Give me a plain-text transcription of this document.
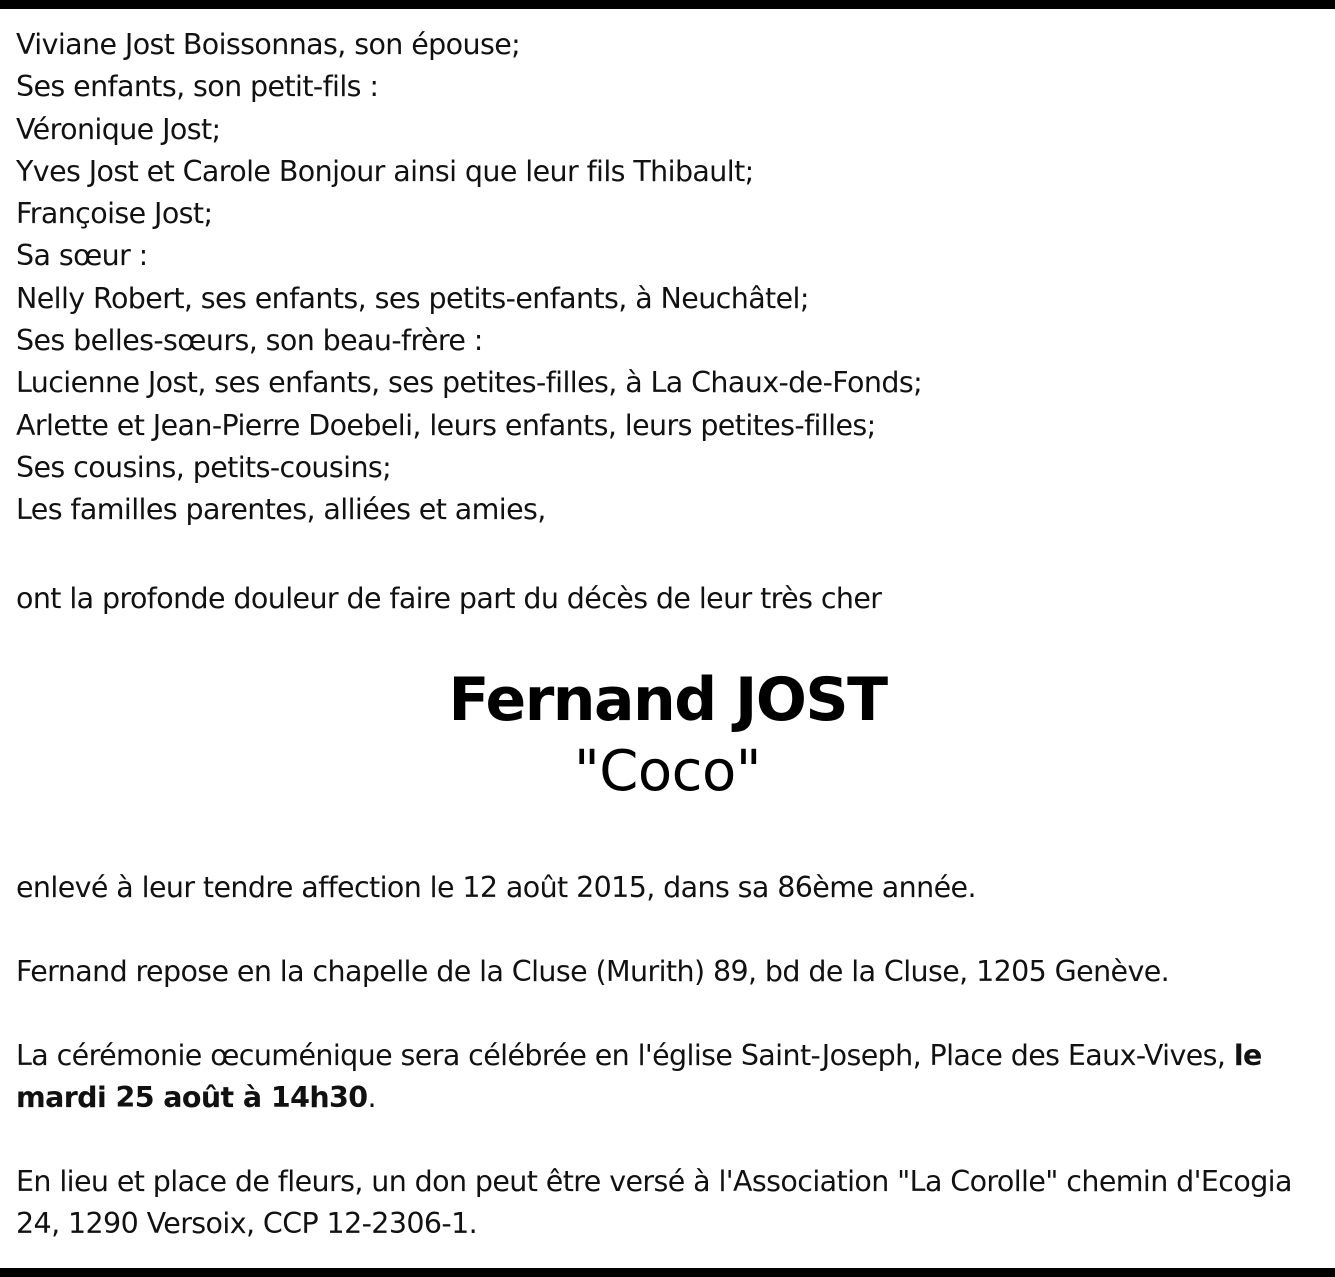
Viviane Jost Boissonnas, son épouse;
Ses enfants, son petit-fils :
Véronique Jost;
Yves Jost et Carole Bonjour ainsi que leur fils Thibault;
Françoise Jost;
Sa sœur :
Nelly Robert, ses enfants, ses petits-enfants, à Neuchâtel;
Ses belles-sœurs, son beau-frère :
Lucienne Jost, ses enfants, ses petites-filles, à La Chaux-de-Fonds;
Arlette et Jean-Pierre Doebeli, leurs enfants, leurs petites-filles;
Ses cousins, petits-cousins;
Les familles parentes, alliées et amies,

ont la profonde douleur de faire part du décès de leur très cher

Fernand JOST

"Coco"

enlevé à leur tendre affection le 12 août 2015, dans sa 86ème année.

Fernand repose en la chapelle de la Cluse (Murith) 89, bd de la Cluse, 1205 Genève.

La cérémonie œcuménique sera célébrée en l'église Saint-Joseph, Place des Eaux-Vives, le mardi 25 août à 14h30.

En lieu et place de fleurs, un don peut être versé à l'Association "La Corolle" chemin d'Ecogia 24, 1290 Versoix, CCP 12-2306-1.
